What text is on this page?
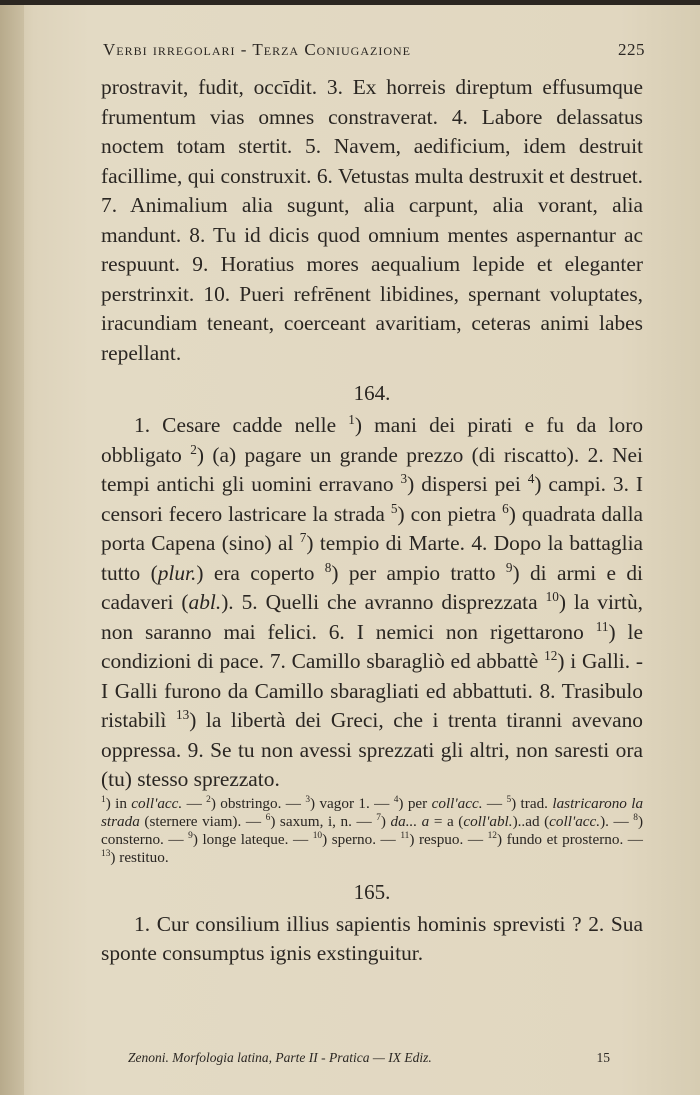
Verbi irregolari - Terza Coniugazione	225

prostravit, fudit, occīdit. 3. Ex horreis direptum effusumque frumentum vias omnes constraverat. 4. Labore delassatus noctem totam stertit. 5. Navem, aedificium, idem destruit facillime, qui construxit. 6. Vetustas multa destruxit et destruet. 7. Animalium alia sugunt, alia carpunt, alia vorant, alia mandunt. 8. Tu id dicis quod omnium mentes aspernantur ac respuunt. 9. Horatius mores aequalium lepide et eleganter perstrinxit. 10. Pueri refrēnent libidines, spernant voluptates, iracundiam teneant, coerceant avaritiam, ceteras animi labes repellant.

164.

1. Cesare cadde nelle $^1$) mani dei pirati e fu da loro obbligato $^2$) (a) pagare un grande prezzo (di riscatto). 2. Nei tempi antichi gli uomini erravano $^3$) dispersi pei $^4$) campi. 3. I censori fecero lastricare la strada $^5$) con pietra $^6$) quadrata dalla porta Capena (sino) al $^7$) tempio di Marte. 4. Dopo la battaglia tutto (plur.) era coperto $^8$) per ampio tratto $^9$) di armi e di cadaveri (abl.). 5. Quelli che avranno disprezzata $^{10}$) la virtù, non saranno mai felici. 6. I nemici non rigettarono $^{11}$) le condizioni di pace. 7. Camillo sbaragliò ed abbattè $^{12}$) i Galli. - I Galli furono da Camillo sbaragliati ed abbattuti. 8. Trasibulo ristabilì $^{13}$) la libertà dei Greci, che i trenta tiranni avevano oppressa. 9. Se tu non avessi sprezzati gli altri, non saresti ora (tu) stesso sprezzato.

$^1$) in coll'acc. — $^2$) obstringo. — $^3$) vagor 1. — $^4$) per coll'acc. — $^5$) trad. lastricarono la strada (sternere viam). — $^6$) saxum, i, n. — $^7$) da... a = a (coll'abl.)..ad (coll'acc.). — $^8$) consterno. — $^9$) longe lateque. — $^{10}$) sperno. — $^{11}$) respuo. — $^{12}$) fundo et prosterno. — $^{13}$) restituo.

165.

1. Cur consilium illius sapientis hominis sprevisti ? 2. Sua sponte consumptus ignis exstinguitur.

Zenoni. Morfologia latina, Parte II - Pratica — IX Ediz.	15
